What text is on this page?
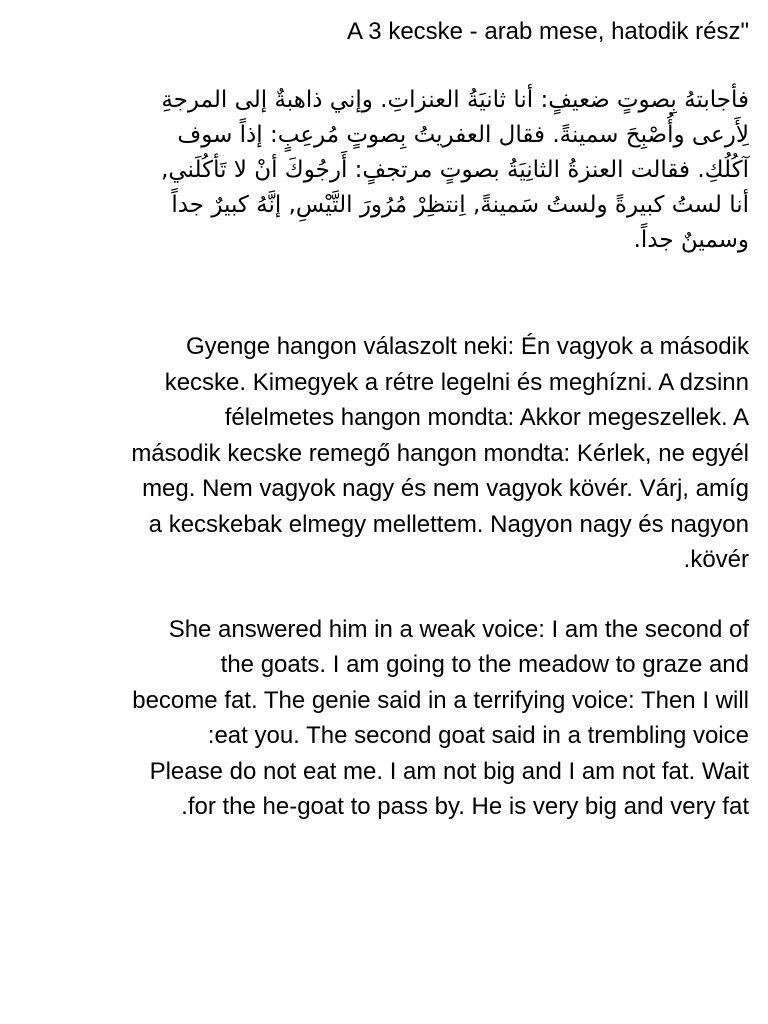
"A 3 kecske - arab mese, hatodik rész

فأجابتهُ بِصوتٍ ضعيفٍ: أنا ثانيَةُ العنزاتِ. وإني ذاهبةٌ إلى المرجةِ
لِأَرعى وأُصْبِحَ سمينةً. فقال العفريتُ بِصوتٍ مُرعِبٍ: إذاً سوف
آكُلُكِ. فقالت العنزةُ الثانِيَةُ بصوتٍ مرتجفٍ: أَرجُوكَ أنْ لا تَأكُلَني,
أنا لستُ كبيرةً ولستُ سَمينةً, اِنتظِرْ مُرُورَ التَّيْسِ, إنَّهُ كبيرٌ جداً
وسمينٌ جداً.

Gyenge hangon válaszolt neki: Én vagyok a második
kecske. Kimegyek a rétre legelni és meghízni. A dzsinn
félelmetes hangon mondta: Akkor megeszellek. A
második kecske remegő hangon mondta: Kérlek, ne egyél
meg. Nem vagyok nagy és nem vagyok kövér. Várj, amíg
a kecskebak elmegy mellettem. Nagyon nagy és nagyon
kövér.

She answered him in a weak voice: I am the second of
the goats. I am going to the meadow to graze and
become fat. The genie said in a terrifying voice: Then I will
eat you. The second goat said in a trembling voice:
Please do not eat me. I am not big and I am not fat. Wait
for the he-goat to pass by. He is very big and very fat.
